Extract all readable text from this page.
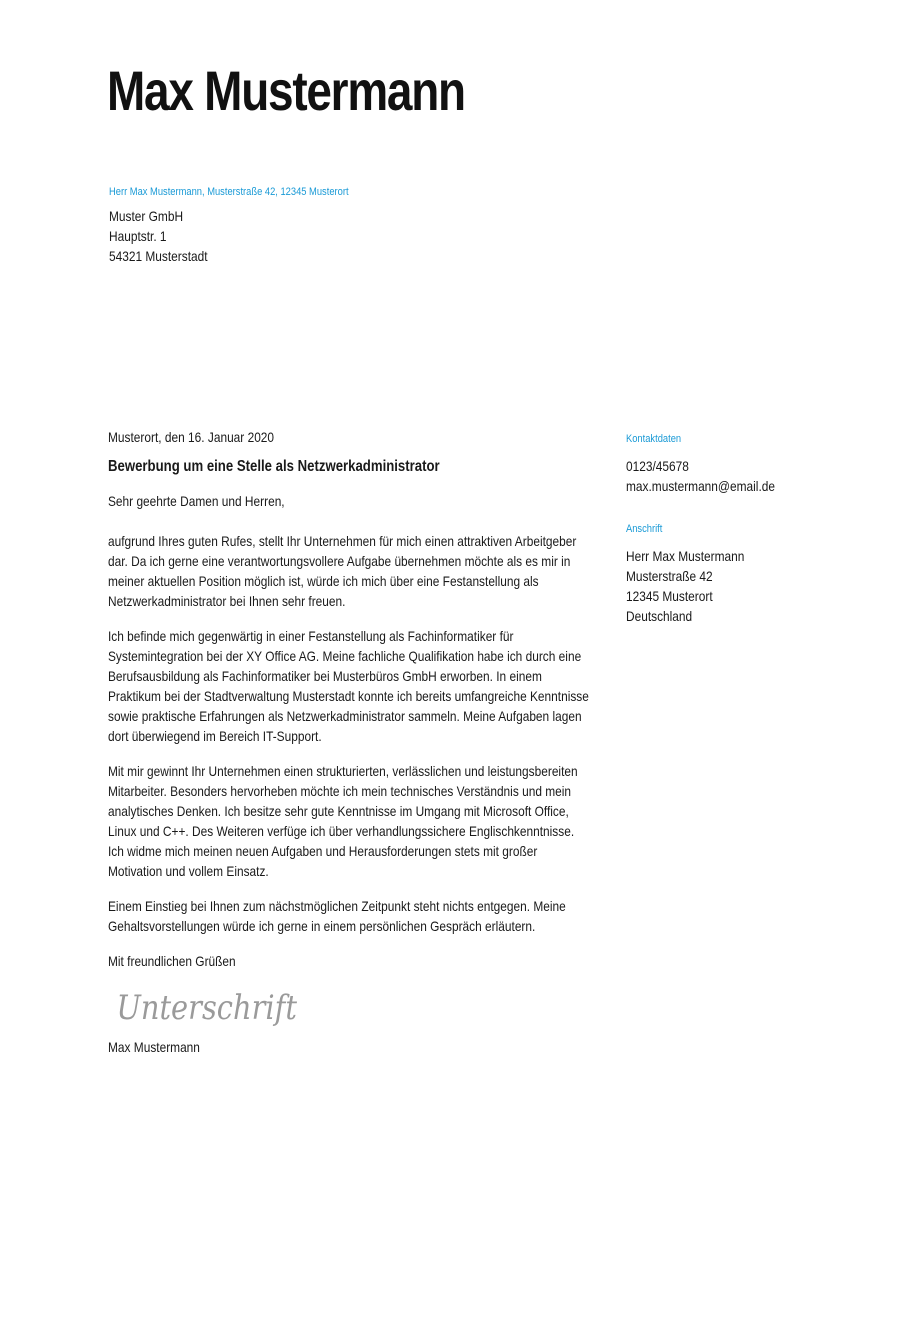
Max Mustermann
Herr Max Mustermann, Musterstraße 42, 12345 Musterort
Muster GmbH
Hauptstr. 1
54321 Musterstadt

Musterort, den 16. Januar 2020

Bewerbung um eine Stelle als Netzwerkadministrator

Sehr geehrte Damen und Herren,

aufgrund Ihres guten Rufes, stellt Ihr Unternehmen für mich einen attraktiven Arbeitgeber dar. Da ich gerne eine verantwortungsvollere Aufgabe übernehmen möchte als es mir in meiner aktuellen Position möglich ist, würde ich mich über eine Festanstellung als Netzwerkadministrator bei Ihnen sehr freuen.

Ich befinde mich gegenwärtig in einer Festanstellung als Fachinformatiker für Systemintegration bei der XY Office AG. Meine fachliche Qualifikation habe ich durch eine Berufsausbildung als Fachinformatiker bei Musterbüros GmbH erworben. In einem Praktikum bei der Stadtverwaltung Musterstadt konnte ich bereits umfangreiche Kenntnisse sowie praktische Erfahrungen als Netzwerkadministrator sammeln. Meine Aufgaben lagen dort überwiegend im Bereich IT-Support.

Mit mir gewinnt Ihr Unternehmen einen strukturierten, verlässlichen und leistungsbereiten Mitarbeiter. Besonders hervorheben möchte ich mein technisches Verständnis und mein analytisches Denken. Ich besitze sehr gute Kenntnisse im Umgang mit Microsoft Office, Linux und C++. Des Weiteren verfüge ich über verhandlungssichere Englischkenntnisse. Ich widme mich meinen neuen Aufgaben und Herausforderungen stets mit großer Motivation und vollem Einsatz.

Einem Einstieg bei Ihnen zum nächstmöglichen Zeitpunkt steht nichts entgegen. Meine Gehaltsvorstellungen würde ich gerne in einem persönlichen Gespräch erläutern.

Mit freundlichen Grüßen

Unterschrift

Max Mustermann

Kontaktdaten
0123/45678
max.mustermann@email.de
Anschrift
Herr Max Mustermann
Musterstraße 42
12345 Musterort
Deutschland
